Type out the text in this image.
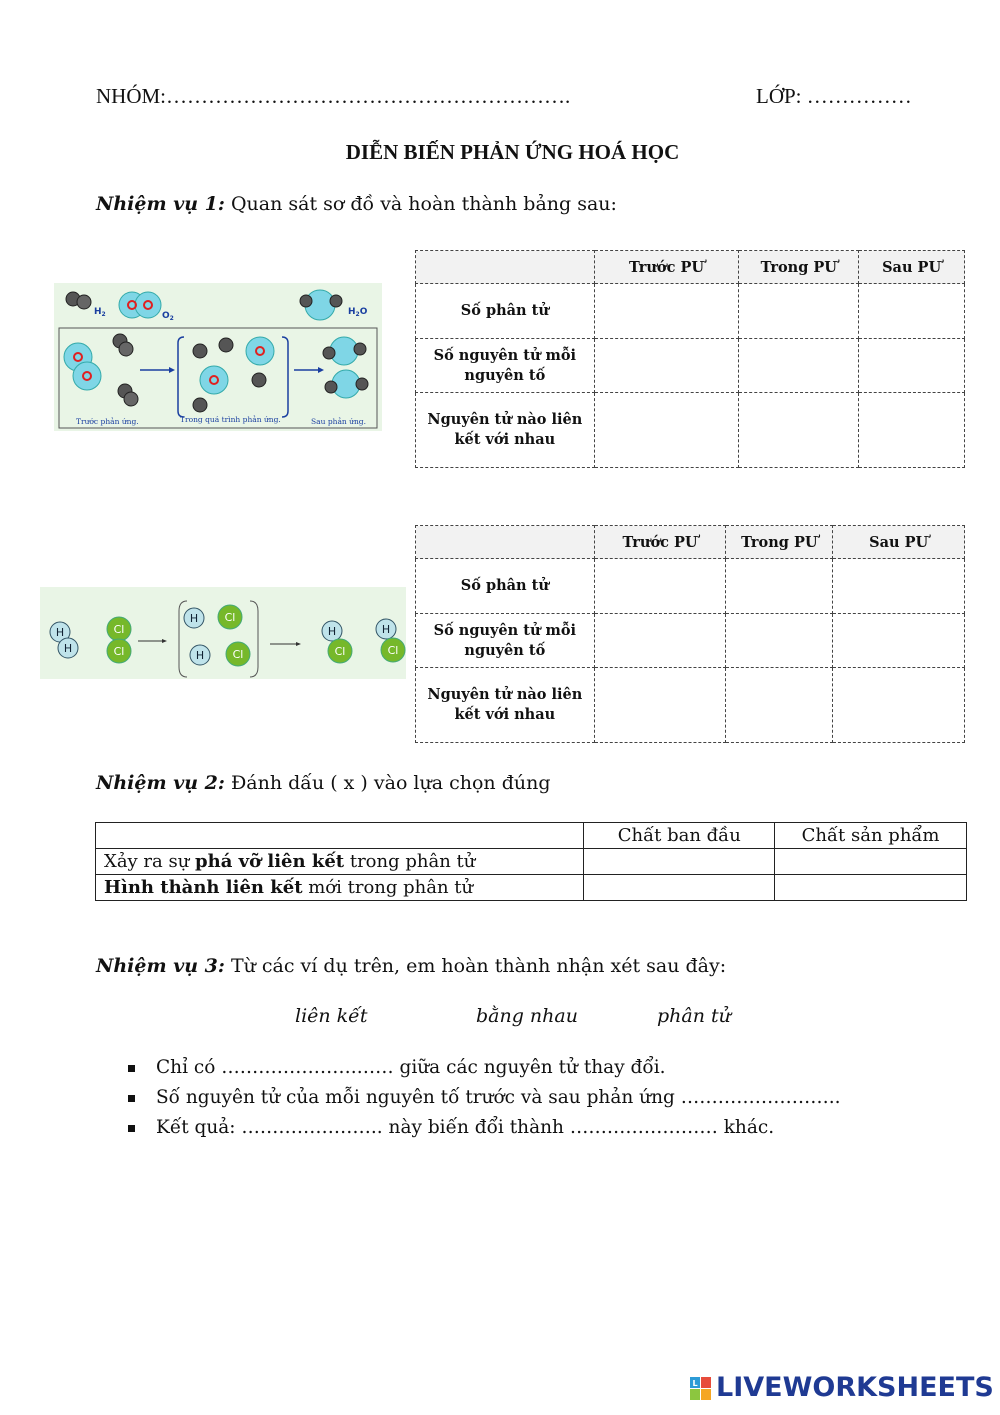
NHÓM:………………………………………………….	LỚP: ……………
DIỄN BIẾN PHẢN ỨNG HOÁ HỌC
Nhiệm vụ 1: Quan sát sơ đồ và hoàn thành bảng sau:
$H_2$	$O_2$
$H_2O$
Trước phản ứng.	Trong quá trình phản ứng.	Sau phản ứng.
	Trước PƯ	Trong PƯ	Sau PƯ
Số phân tử			
Số nguyên tử mỗi nguyên tố			
Nguyên tử nào liên kết với nhau			
H
H
Cl
Cl
H Cl
H	Cl
H
Cl
H
Cl
	Trước PƯ	Trong PƯ	Sau PƯ
Số phân tử			
Số nguyên tử mỗi nguyên tố			
Nguyên tử nào liên kết với nhau			
Nhiệm vụ 2: Đánh dấu ( x ) vào lựa chọn đúng
	Chất ban đầu	Chất sản phẩm
Xảy ra sự phá vỡ liên kết trong phân tử		
Hình thành liên kết mới trong phân tử		
Nhiệm vụ 3: Từ các ví dụ trên, em hoàn thành nhận xét sau đây:
liên kết	bằng nhau	phân tử
Chỉ có ………………….…… giữa các nguyên tử thay đổi.
Số nguyên tử của mỗi nguyên tố trước và sau phản ứng ……………………..
Kết quả: ………………….. này biến đổi thành …………………… khác.
L LIVEWORKSHEETS
